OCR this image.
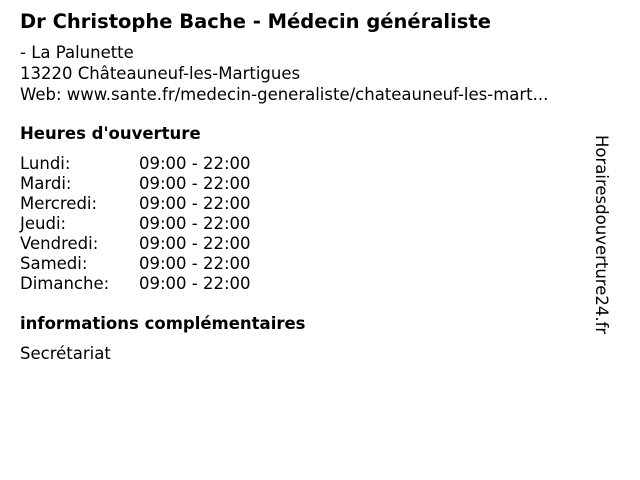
Dr Christophe Bache - Médecin généraliste
- La Palunette
13220 Châteauneuf-les-Martigues
Web: www.sante.fr/medecin-generaliste/chateauneuf-les-mart...
Heures d'ouverture
Lundi:	09:00 - 22:00
Mardi:	09:00 - 22:00
Mercredi:	09:00 - 22:00
Jeudi:	09:00 - 22:00
Vendredi: 09:00 - 22:00
Samedi:	09:00 - 22:00
Dimanche: 09:00 - 22:00
informations complémentaires
Secrétariat
Horairesdouverture24.fr
